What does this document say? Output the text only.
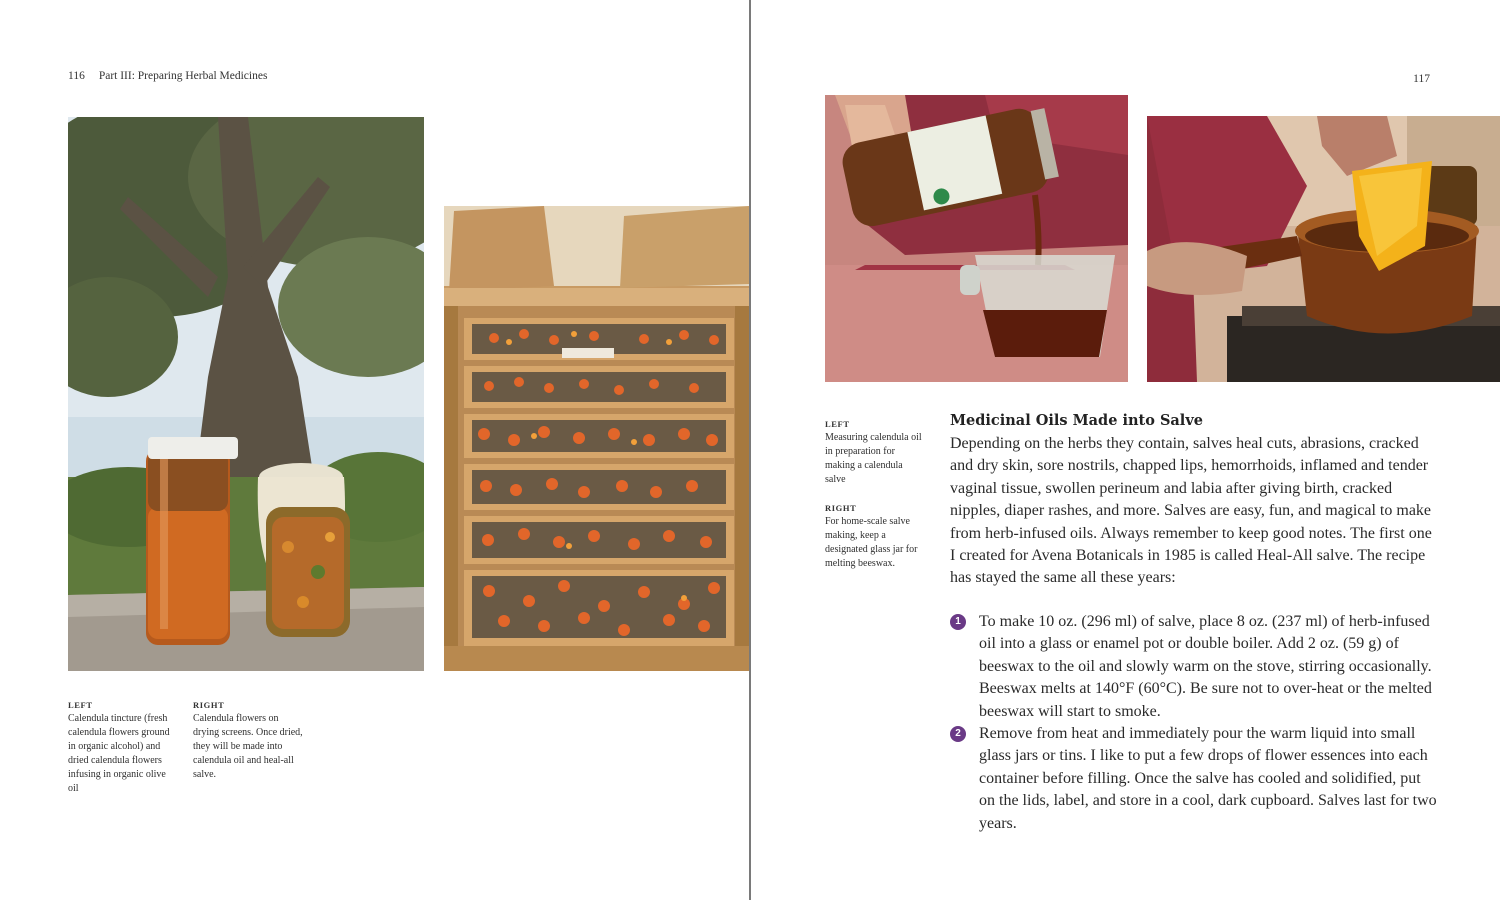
116 Part III: Preparing Herbal Medicines
LEFT

Calendula tincture (fresh calendula flowers ground in organic alcohol) and dried calendula flowers infusing in organic olive oil

RIGHT

Calendula flowers on drying screens. Once dried, they will be made into calendula oil and heal-all salve.

117
LEFT

Measuring calendula oil in preparation for making a calendula salve

RIGHT

For home-scale salve making, keep a designated glass jar for melting beeswax.

Medicinal Oils Made into Salve
Depending on the herbs they contain, salves heal cuts, abrasions, cracked and dry skin, sore nostrils, chapped lips, hemorrhoids, inflamed and tender vaginal tissue, swollen perineum and labia after giving birth, cracked nipples, diaper rashes, and more. Salves are easy, fun, and magical to make from herb-infused oils. Always remember to keep good notes. The first one I created for Avena Botanicals in 1985 is called Heal-All salve. The recipe has stayed the same all these years:
1	To make 10 oz. (296 ml) of salve, place 8 oz. (237 ml) of herb-infused oil into a glass or enamel pot or double boiler. Add 2 oz. (59 g) of beeswax to the oil and slowly warm on the stove, stirring occasionally. Beeswax melts at 140°F (60°C). Be sure not to over-heat or the melted beeswax will start to smoke.
2	Remove from heat and immediately pour the warm liquid into small glass jars or tins. I like to put a few drops of flower essences into each container before filling. Once the salve has cooled and solidified, put on the lids, label, and store in a cool, dark cupboard. Salves last for two years.
